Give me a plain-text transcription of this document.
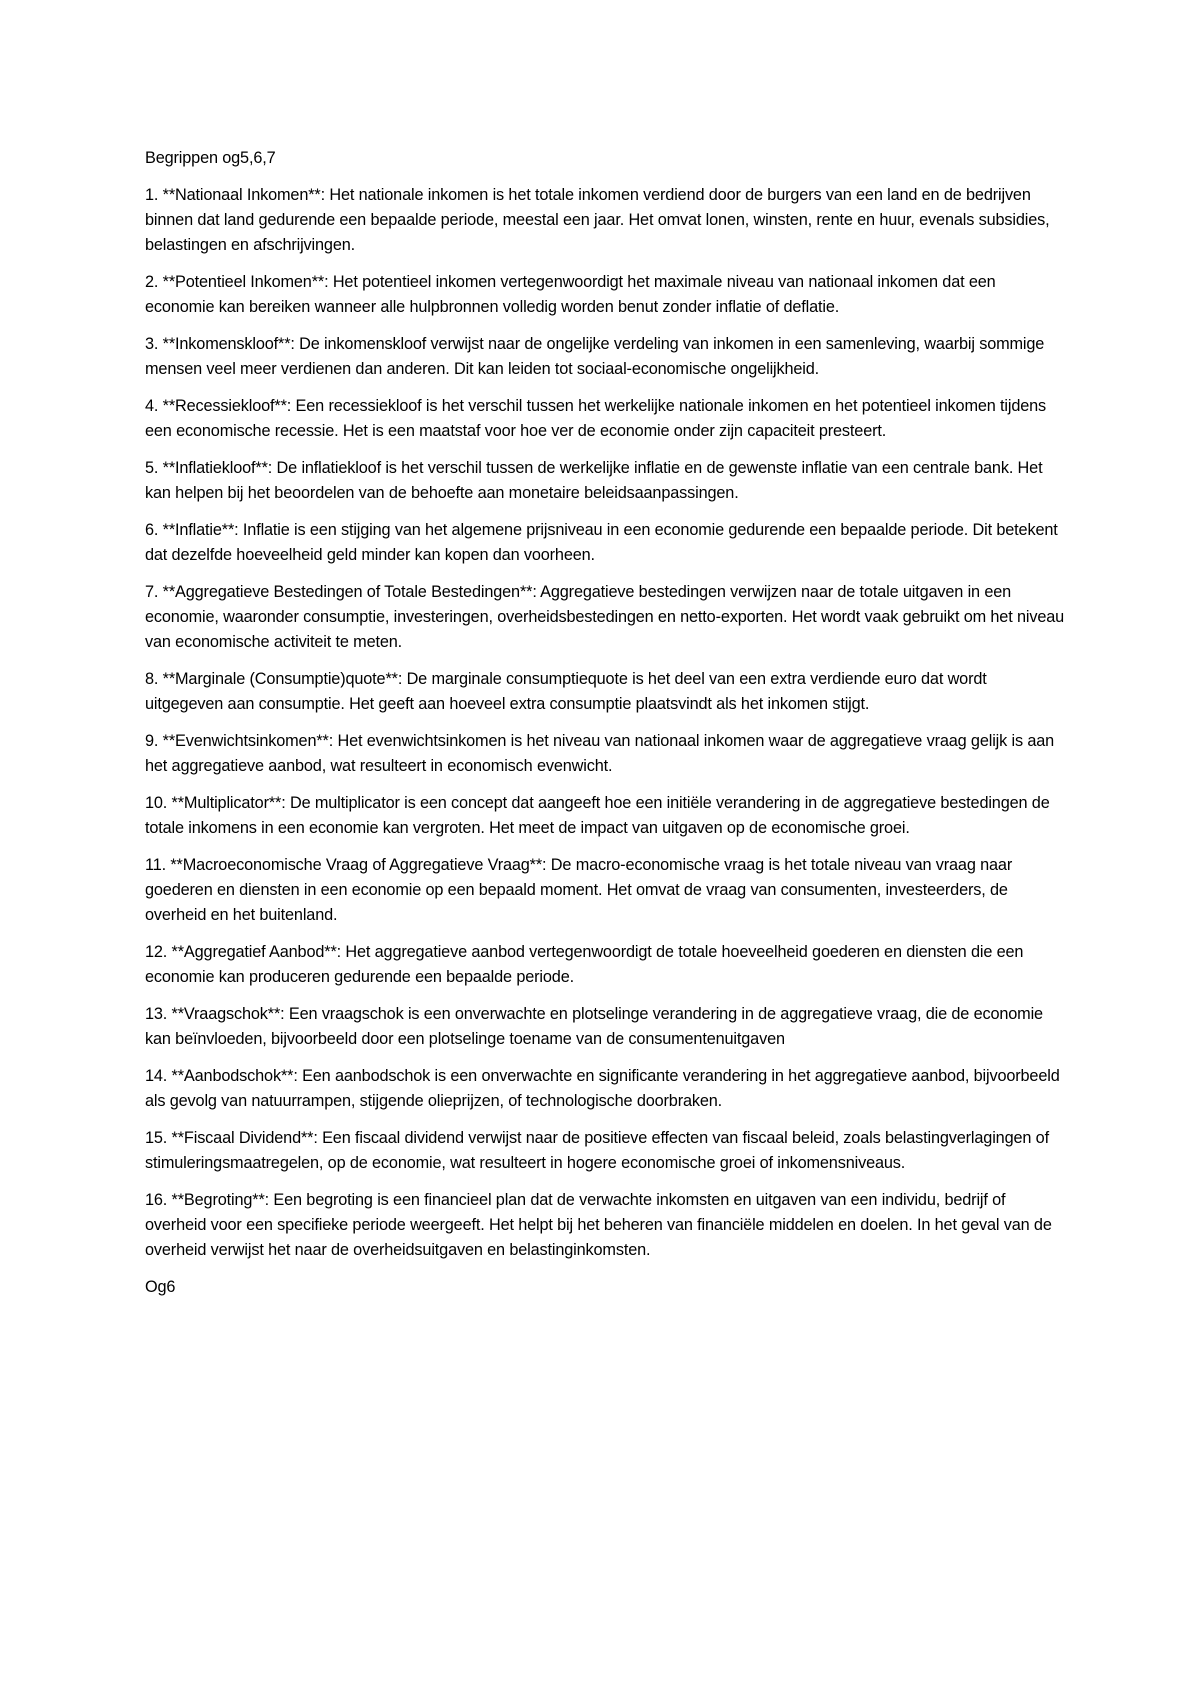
Begrippen og5,6,7

1. **Nationaal Inkomen**: Het nationale inkomen is het totale inkomen verdiend door de burgers van een land en de bedrijven binnen dat land gedurende een bepaalde periode, meestal een jaar. Het omvat lonen, winsten, rente en huur, evenals subsidies, belastingen en afschrijvingen.

2. **Potentieel Inkomen**: Het potentieel inkomen vertegenwoordigt het maximale niveau van nationaal inkomen dat een economie kan bereiken wanneer alle hulpbronnen volledig worden benut zonder inflatie of deflatie.

3. **Inkomenskloof**: De inkomenskloof verwijst naar de ongelijke verdeling van inkomen in een samenleving, waarbij sommige mensen veel meer verdienen dan anderen. Dit kan leiden tot sociaal-economische ongelijkheid.

4. **Recessiekloof**: Een recessiekloof is het verschil tussen het werkelijke nationale inkomen en het potentieel inkomen tijdens een economische recessie. Het is een maatstaf voor hoe ver de economie onder zijn capaciteit presteert.

5. **Inflatiekloof**: De inflatiekloof is het verschil tussen de werkelijke inflatie en de gewenste inflatie van een centrale bank. Het kan helpen bij het beoordelen van de behoefte aan monetaire beleidsaanpassingen.

6. **Inflatie**: Inflatie is een stijging van het algemene prijsniveau in een economie gedurende een bepaalde periode. Dit betekent dat dezelfde hoeveelheid geld minder kan kopen dan voorheen.

7. **Aggregatieve Bestedingen of Totale Bestedingen**: Aggregatieve bestedingen verwijzen naar de totale uitgaven in een economie, waaronder consumptie, investeringen, overheidsbestedingen en netto-exporten. Het wordt vaak gebruikt om het niveau van economische activiteit te meten.

8. **Marginale (Consumptie)quote**: De marginale consumptiequote is het deel van een extra verdiende euro dat wordt uitgegeven aan consumptie. Het geeft aan hoeveel extra consumptie plaatsvindt als het inkomen stijgt.

9. **Evenwichtsinkomen**: Het evenwichtsinkomen is het niveau van nationaal inkomen waar de aggregatieve vraag gelijk is aan het aggregatieve aanbod, wat resulteert in economisch evenwicht.

10. **Multiplicator**: De multiplicator is een concept dat aangeeft hoe een initiële verandering in de aggregatieve bestedingen de totale inkomens in een economie kan vergroten. Het meet de impact van uitgaven op de economische groei.

11. **Macroeconomische Vraag of Aggregatieve Vraag**: De macro-economische vraag is het totale niveau van vraag naar goederen en diensten in een economie op een bepaald moment. Het omvat de vraag van consumenten, investeerders, de overheid en het buitenland.

12. **Aggregatief Aanbod**: Het aggregatieve aanbod vertegenwoordigt de totale hoeveelheid goederen en diensten die een economie kan produceren gedurende een bepaalde periode.

13. **Vraagschok**: Een vraagschok is een onverwachte en plotselinge verandering in de aggregatieve vraag, die de economie kan beïnvloeden, bijvoorbeeld door een plotselinge toename van de consumentenuitgaven

14. **Aanbodschok**: Een aanbodschok is een onverwachte en significante verandering in het aggregatieve aanbod, bijvoorbeeld als gevolg van natuurrampen, stijgende olieprijzen, of technologische doorbraken.

15. **Fiscaal Dividend**: Een fiscaal dividend verwijst naar de positieve effecten van fiscaal beleid, zoals belastingverlagingen of stimuleringsmaatregelen, op de economie, wat resulteert in hogere economische groei of inkomensniveaus.

16. **Begroting**: Een begroting is een financieel plan dat de verwachte inkomsten en uitgaven van een individu, bedrijf of overheid voor een specifieke periode weergeeft. Het helpt bij het beheren van financiële middelen en doelen. In het geval van de overheid verwijst het naar de overheidsuitgaven en belastinginkomsten.

Og6
